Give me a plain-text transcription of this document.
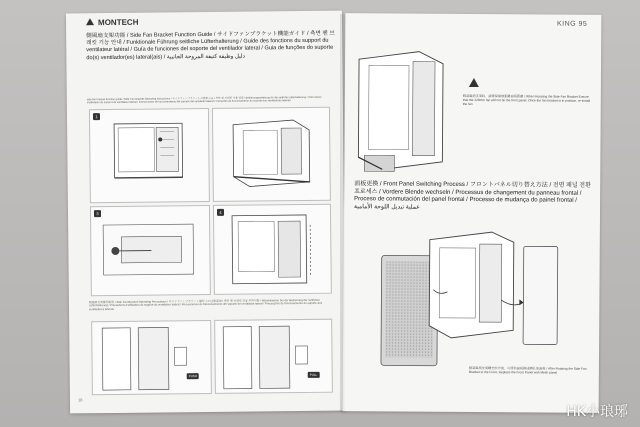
MONTECH
側風扇支架功能 / Side Fan Bracket Function Guide / サイドファンブラケット機能ガイド / 측면 팬 브래킷 기능 안내 / Funktionale Führung seitliche Lüfterhalterung / Guide des fonctions du support du ventilateur latéral / Guía de funciones del soporte del ventilador lateral / Guia de funções do suporte do(s) ventilador(es) lateral(ais) / دليل وظيفة كتيفة المروحة الجانبية
side fan bracket function guide / Side Fan Bracket Operating Instructions / サイドファンブラケットの使用方法 / 측면 팬 브래킷 사용 방법 / Bedienungsanleitung für die seitliche Lüfterhalterung / Instructions d'utilisation du support du ventilateur latéral / Instrucciones de funcionamiento del soporte del ventilador lateral / Instruções de funcionamento do suporte dos ventiladores laterais
1
3	4
側風扇支架操作說明 / Side Fan Bracket Operating Precautions / サイドファンブラケット操作上の注意事項 / 측면 팬 브래킷 작동 주의사항 / Warnhinweise bei der Bedienung der seitlichen Lüfterhalterung / Précautions d'utilisation du support du ventilateur latéral / Precauciones de funcionamiento del soporte del ventilador lateral / Precauções de funcionamento do suporte dos ventiladores laterais
PUSH	PULL
18
KING 95
側裝風扇支架時，請確保風扇距離面板距離 / When Rotating the Side Fan Bracket Ensure that the 120mm fan will not hit the front panel. Once the fan bracket is in position, re-install the fan
面板更換 / Front Panel Switching Process / フロントパネル切り替え方法 / 전면 패널 전환 프로세스 / Vordere Blende wechseln / Processus de changement du panneau frontal / Proceso de conmutación del panel frontal / Processo de mudança do painel frontal / عملية تبديل اللوحة الأمامية
側裝風扇支架轉至前方後，可將前面板換成網孔前面板 / After Rotating the Side Fan Bracket to the Front, Replace the Front Panel with Mesh panel
HK小琅琊
